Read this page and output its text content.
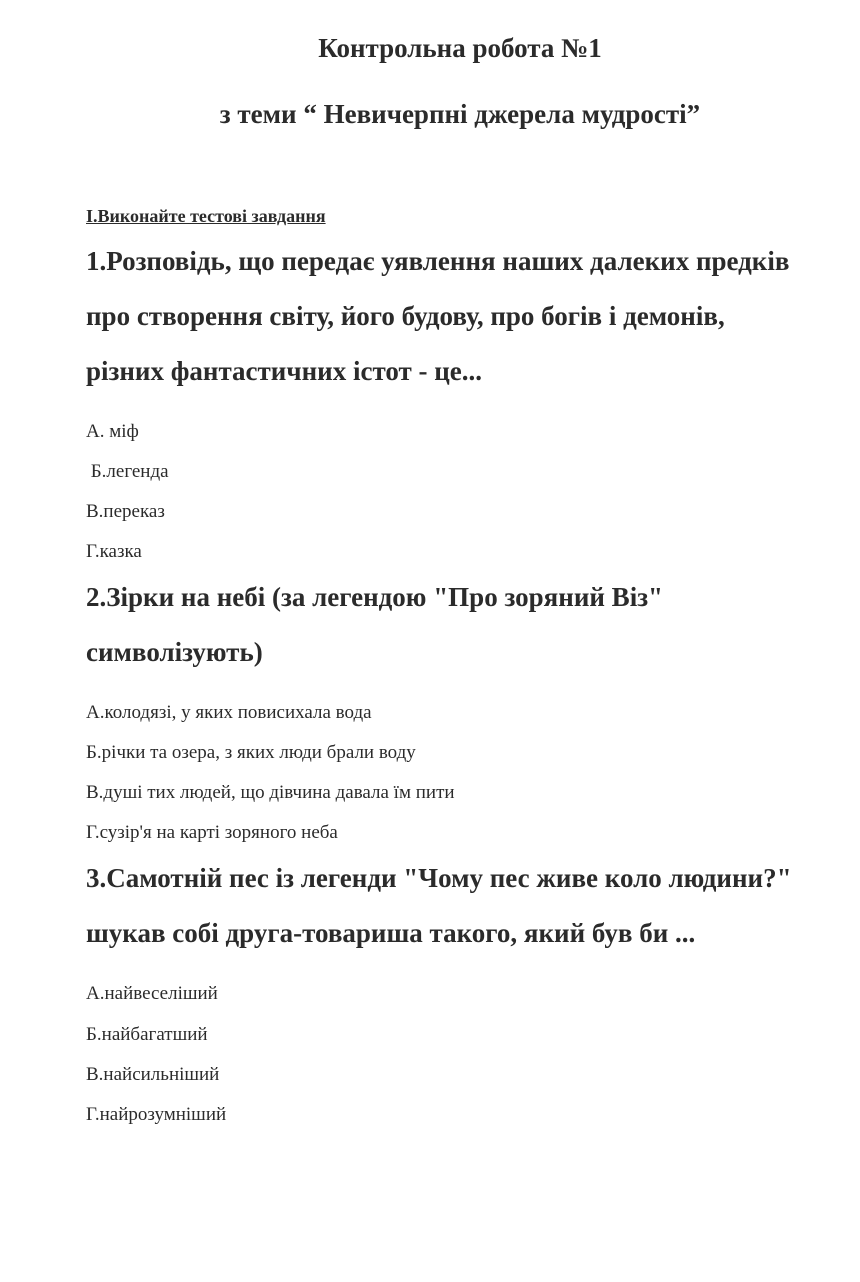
Контрольна робота №1
з теми “ Невичерпні джерела мудрості”
І.Виконайте тестові завдання
1.Розповідь, що передає уявлення наших далеких предків
про створення світу, його будову, про богів і демонів,
різних фантастичних істот - це...
А. міф
Б.легенда
В.переказ
Г.казка
2.Зірки на небі (за легендою "Про зоряний Віз"
символізують)
А.колодязі, у яких повисихала вода
Б.річки та озера, з яких люди брали воду
В.душі тих людей, що дівчина давала їм пити
Г.сузір'я на карті зоряного неба
3.Самотній пес із легенди "Чому пес живе коло людини?"
шукав собі друга-товариша такого, який був би ...
А.найвеселіший
Б.найбагатший
В.найсильніший
Г.найрозумніший
